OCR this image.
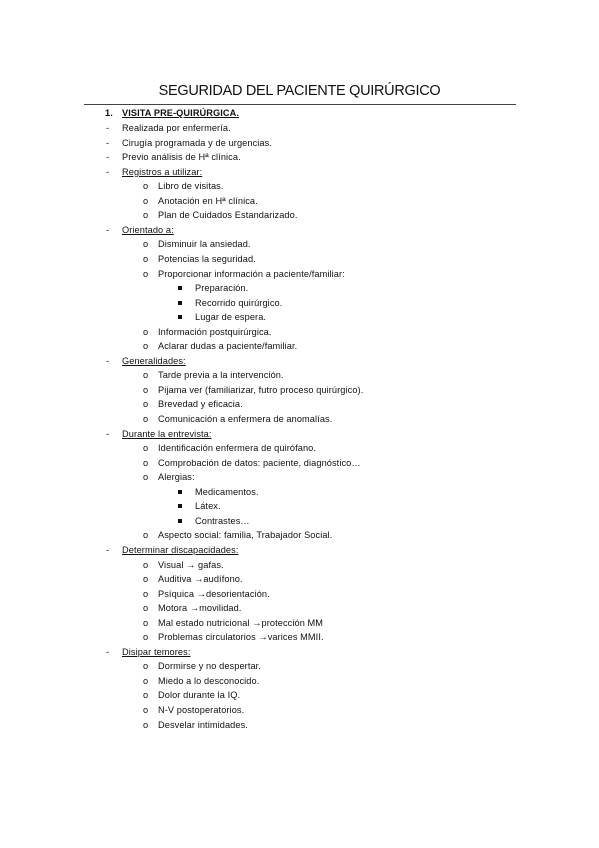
SEGURIDAD DEL PACIENTE QUIRÚRGICO
1. VISITA PRE-QUIRÚRGICA.
- Realizada por enfermería.
- Cirugía programada y de urgencias.
- Previo análisis de Hª clínica.
- Registros a utilizar:
o Libro de visitas.
o Anotación en Hª clínica.
o Plan de Cuidados Estandarizado.
- Orientado a:
o Disminuir la ansiedad.
o Potencias la seguridad.
o Proporcionar información a paciente/familiar:
Preparación.
Recorrido quirúrgico.
Lugar de espera.
o Información postquirúrgica.
o Aclarar dudas a paciente/familiar.
- Generalidades:
o Tarde previa a la intervención.
o Pijama ver (familiarizar, futro proceso quirúrgico).
o Brevedad y eficacia.
o Comunicación a enfermera de anomalías.
- Durante la entrevista:
o Identificación enfermera de quirófano.
o Comprobación de datos: paciente, diagnóstico…
o Alergias:
Medicamentos.
Látex.
Contrastes…
o Aspecto social: familia, Trabajador Social.
- Determinar discapacidades:
o Visual → gafas.
o Auditiva →audífono.
o Psíquica →desorientación.
o Motora →movilidad.
o Mal estado nutricional →protección MM
o Problemas circulatorios →varices MMII.
- Disipar temores:
o Dormirse y no despertar.
o Miedo a lo desconocido.
o Dolor durante la IQ.
o N-V postoperatorios.
o Desvelar intimidades.
